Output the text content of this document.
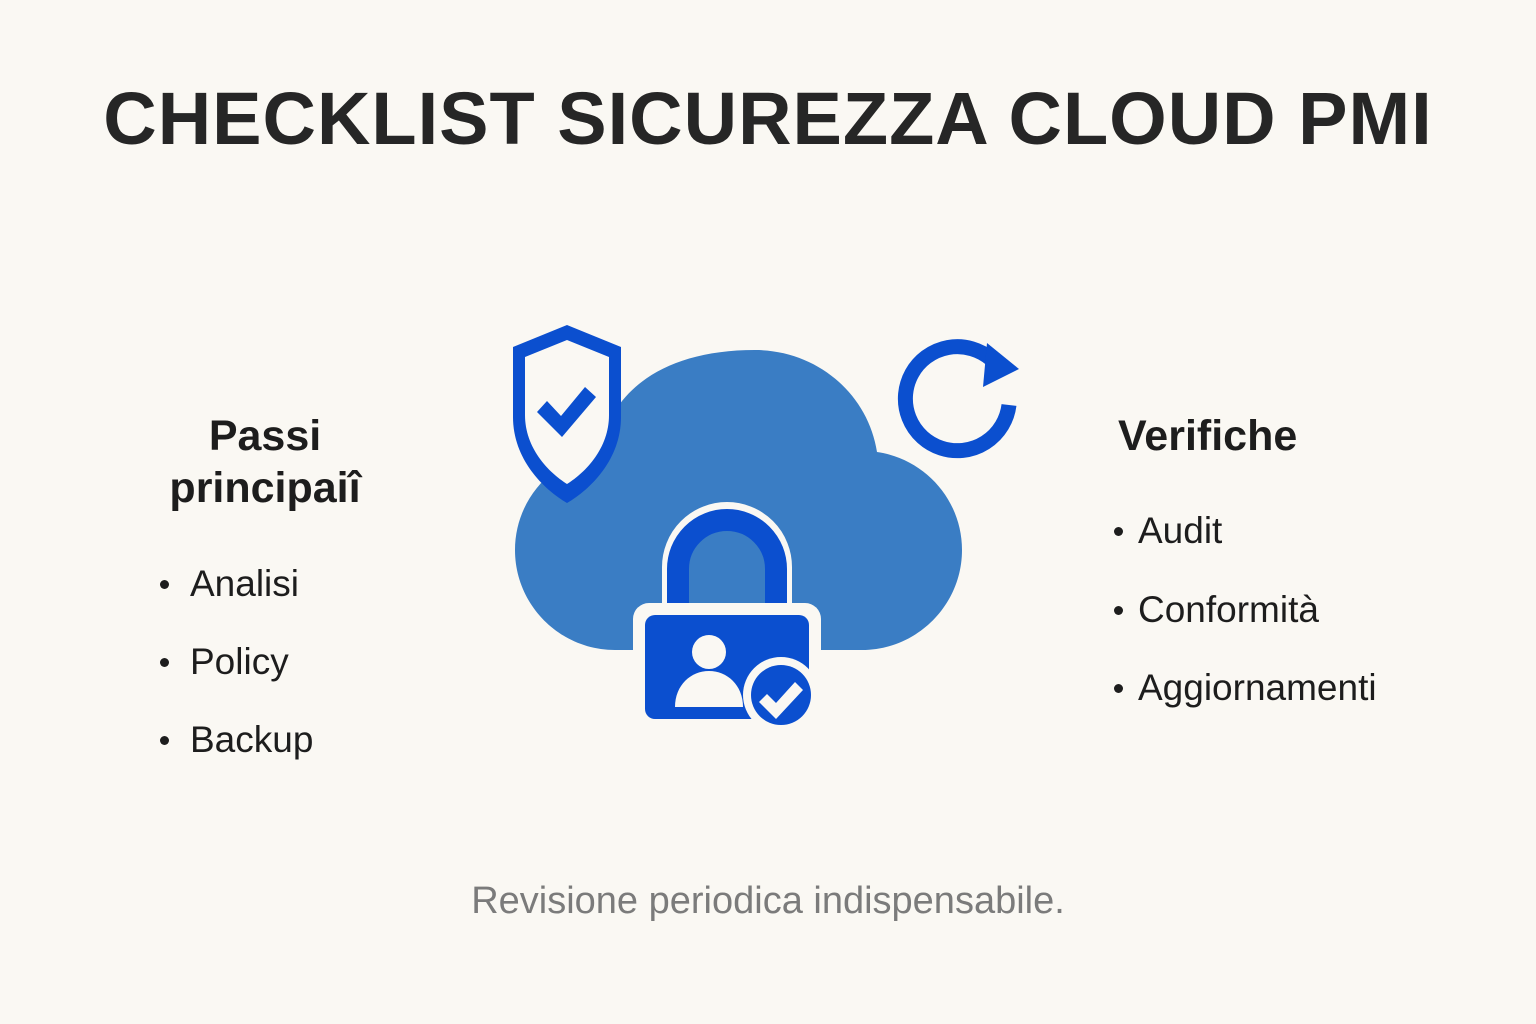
CHECKLIST SICUREZZA CLOUD PMI
Passi principaiî
Analisi
Policy
Backup
Verifiche
Audit
Conformità
Aggiornamenti
Revisione periodica indispensabile.
